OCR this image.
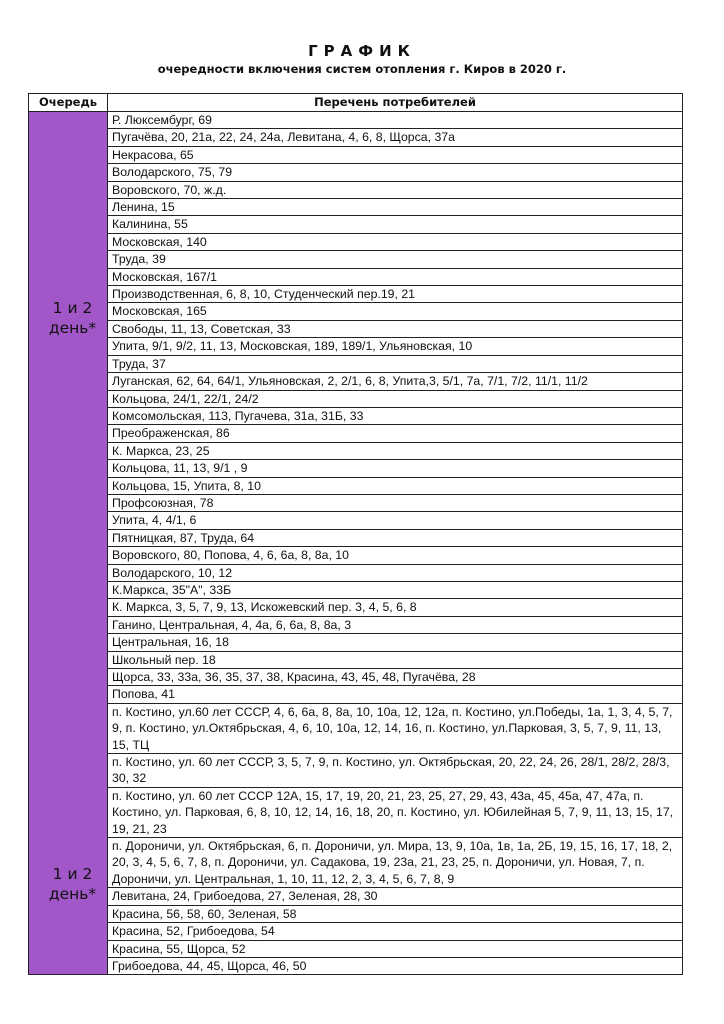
ГРАФИК
очередности включения систем отопления г. Киров в 2020 г.
Очередь	Перечень потребителей

1 и 2
день*
1 и 2
день*	Р. Люксембург, 69
	Пугачёва, 20, 21а, 22, 24, 24а, Левитана, 4, 6, 8, Щорса, 37а
	Некрасова, 65
	Володарского, 75, 79
	Воровского, 70, ж.д.
	Ленина, 15
	Калинина, 55
	Московская, 140
	Труда, 39
	Московская, 167/1
	Производственная, 6, 8, 10, Студенческий пер.19, 21
	Московская, 165
	Свободы, 11, 13, Советская, 33
	Упита, 9/1, 9/2, 11, 13, Московская, 189, 189/1, Ульяновская, 10
	Труда, 37
	Луганская, 62, 64, 64/1, Ульяновская, 2, 2/1, 6, 8, Упита,3, 5/1, 7а, 7/1, 7/2, 11/1, 11/2
	Кольцова, 24/1, 22/1, 24/2
	Комсомольская, 113, Пугачева, 31а, 31Б, 33
	Преображенская, 86
	К. Маркса, 23, 25
	Кольцова, 11, 13, 9/1 , 9
	Кольцова, 15, Упита, 8, 10
	Профсоюзная, 78
	Упита, 4, 4/1, 6
	Пятницкая, 87, Труда, 64
	Воровского, 80, Попова, 4, 6, 6а, 8, 8а, 10
	Володарского, 10, 12
	К.Маркса, 35"А", 33Б
	К. Маркса, 3, 5, 7, 9, 13, Искожевский пер. 3, 4, 5, 6, 8
	Ганино, Центральная, 4, 4а, 6, 6а, 8, 8а, 3
	Центральная, 16, 18
	Школьный пер. 18
	Щорса, 33, 33а, 36, 35, 37, 38, Красина, 43, 45, 48, Пугачёва, 28
	Попова, 41
	п. Костино, ул.60 лет СССР, 4, 6, 6а, 8, 8а, 10, 10а, 12, 12а, п. Костино, ул.Победы, 1а, 1, 3, 4, 5, 7, 9, п. Костино, ул.Октябрьская, 4, 6, 10, 10а, 12, 14, 16, п. Костино, ул.Парковая, 3, 5, 7, 9, 11, 13, 15, ТЦ
	п. Костино, ул. 60 лет СССР, 3, 5, 7, 9, п. Костино, ул. Октябрьская, 20, 22, 24, 26, 28/1, 28/2, 28/3, 30, 32
	п. Костино, ул. 60 лет СССР 12А, 15, 17, 19, 20, 21, 23, 25, 27, 29, 43, 43а, 45, 45а, 47, 47а, п. Костино, ул. Парковая, 6, 8, 10, 12, 14, 16, 18, 20, п. Костино, ул. Юбилейная 5, 7, 9, 11, 13, 15, 17, 19, 21, 23
	п. Дороничи, ул. Октябрьская, 6, п. Дороничи, ул. Мира, 13, 9, 10а, 1в, 1а, 2Б, 19, 15, 16, 17, 18, 2, 20, 3, 4, 5, 6, 7, 8, п. Дороничи, ул. Садакова, 19, 23а, 21, 23, 25, п. Дороничи, ул. Новая, 7, п. Дороничи, ул. Центральная, 1, 10, 11, 12, 2, 3, 4, 5, 6, 7, 8, 9
	Левитана, 24, Грибоедова, 27, Зеленая, 28, 30
	Красина, 56, 58, 60, Зеленая, 58
	Красина, 52, Грибоедова, 54
	Красина, 55, Щорса, 52
	Грибоедова, 44, 45, Щорса, 46, 50
